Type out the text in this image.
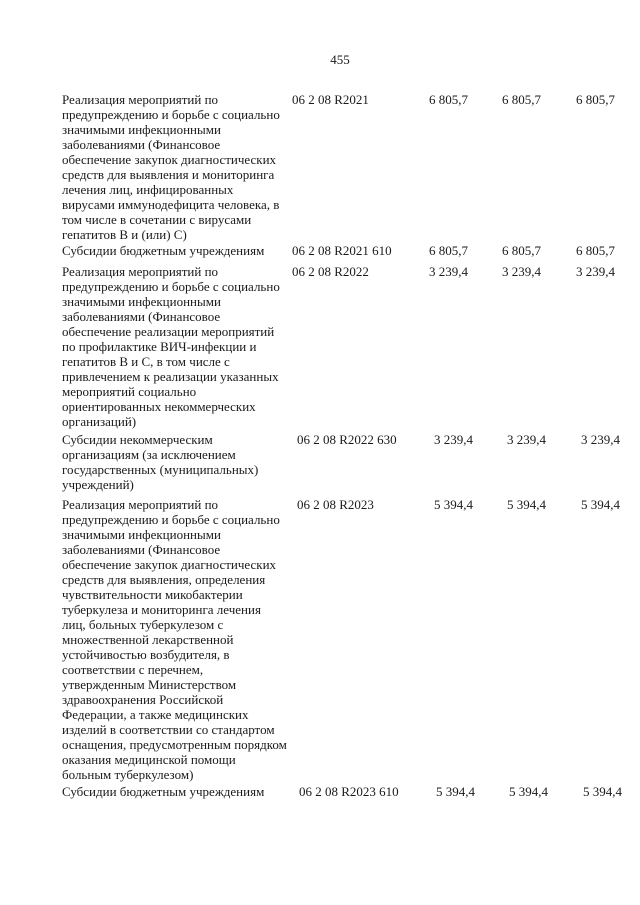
455
Реализация мероприятий по
предупреждению и борьбе с социально
значимыми инфекционными
заболеваниями (Финансовое
обеспечение закупок диагностических
средств для выявления и мониторинга
лечения лиц, инфицированных
вирусами иммунодефицита человека, в
том числе в сочетании с вирусами
гепатитов В и (или) С)
06 2 08 R2021	6 805,7	6 805,7	6 805,7
Субсидии бюджетным учреждениям	06 2 08 R2021 610	6 805,7	6 805,7	6 805,7
Реализация мероприятий по
предупреждению и борьбе с социально
значимыми инфекционными
заболеваниями (Финансовое
обеспечение реализации мероприятий
по профилактике ВИЧ-инфекции и
гепатитов В и С, в том числе с
привлечением к реализации указанных
мероприятий социально
ориентированных некоммерческих
организаций)
06 2 08 R2022	3 239,4	3 239,4	3 239,4
Субсидии некоммерческим
организациям (за исключением
государственных (муниципальных)
учреждений)
06 2 08 R2022 630	3 239,4	3 239,4	3 239,4
Реализация мероприятий по
предупреждению и борьбе с социально
значимыми инфекционными
заболеваниями (Финансовое
обеспечение закупок диагностических
средств для выявления, определения
чувствительности микобактерии
туберкулеза и мониторинга лечения
лиц, больных туберкулезом с
множественной лекарственной
устойчивостью возбудителя, в
соответствии с перечнем,
утвержденным Министерством
здравоохранения Российской
Федерации, а также медицинских
изделий в соответствии со стандартом
оснащения, предусмотренным порядком
оказания медицинской помощи
больным туберкулезом)
06 2 08 R2023	5 394,4	5 394,4	5 394,4
Субсидии бюджетным учреждениям	06 2 08 R2023 610	5 394,4	5 394,4	5 394,4
